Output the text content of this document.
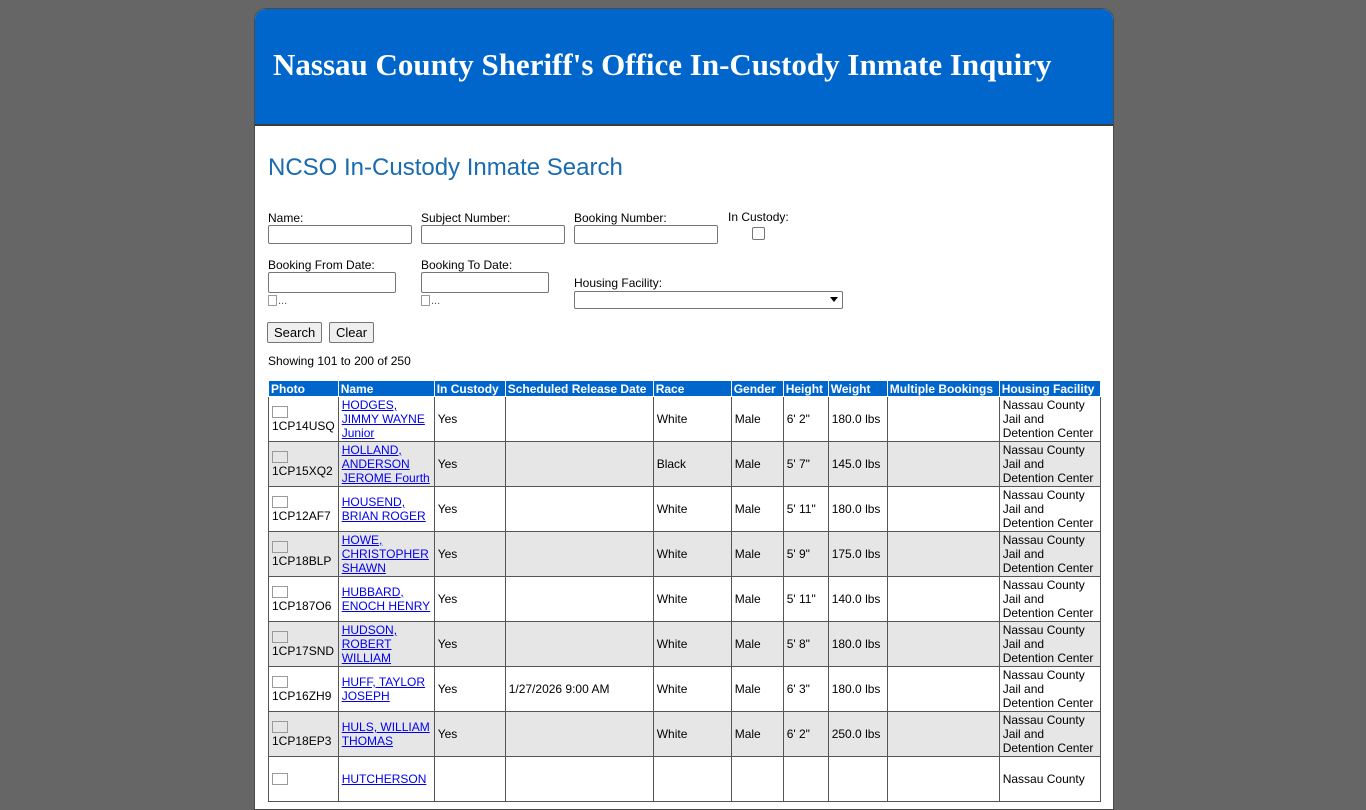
Nassau County Sheriff's Office In-Custody Inmate Inquiry
NCSO In-Custody Inmate Search
Name:	Subject Number:	Booking Number:	In Custody:
Booking From Date:
...
Booking To Date:
...
Housing Facility:
Search	Clear
Showing 101 to 200 of 250
Photo	Name	In Custody	Scheduled Release Date	Race	Gender	Height	Weight	Multiple Bookings	Housing Facility

1CP14USQ	HODGES, JIMMY WAYNE Junior	Yes		White	Male	6' 2"	180.0 lbs		Nassau County Jail and Detention Center

1CP15XQ2	HOLLAND, ANDERSON JEROME Fourth	Yes		Black	Male	5' 7"	145.0 lbs		Nassau County Jail and Detention Center

1CP12AF7	HOUSEND, BRIAN ROGER	Yes		White	Male	5' 11"	180.0 lbs		Nassau County Jail and Detention Center

1CP18BLP	HOWE, CHRISTOPHER SHAWN	Yes		White	Male	5' 9"	175.0 lbs		Nassau County Jail and Detention Center

1CP187O6	HUBBARD, ENOCH HENRY	Yes		White	Male	5' 11"	140.0 lbs		Nassau County Jail and Detention Center

1CP17SND	HUDSON, ROBERT WILLIAM	Yes		White	Male	5' 8"	180.0 lbs		Nassau County Jail and Detention Center

1CP16ZH9	HUFF, TAYLOR JOSEPH	Yes	1/27/2026 9:00 AM	White	Male	6' 3"	180.0 lbs		Nassau County Jail and Detention Center

1CP18EP3	HULS, WILLIAM THOMAS	Yes		White	Male	6' 2"	250.0 lbs		Nassau County Jail and Detention Center

	HUTCHERSON								Nassau County
